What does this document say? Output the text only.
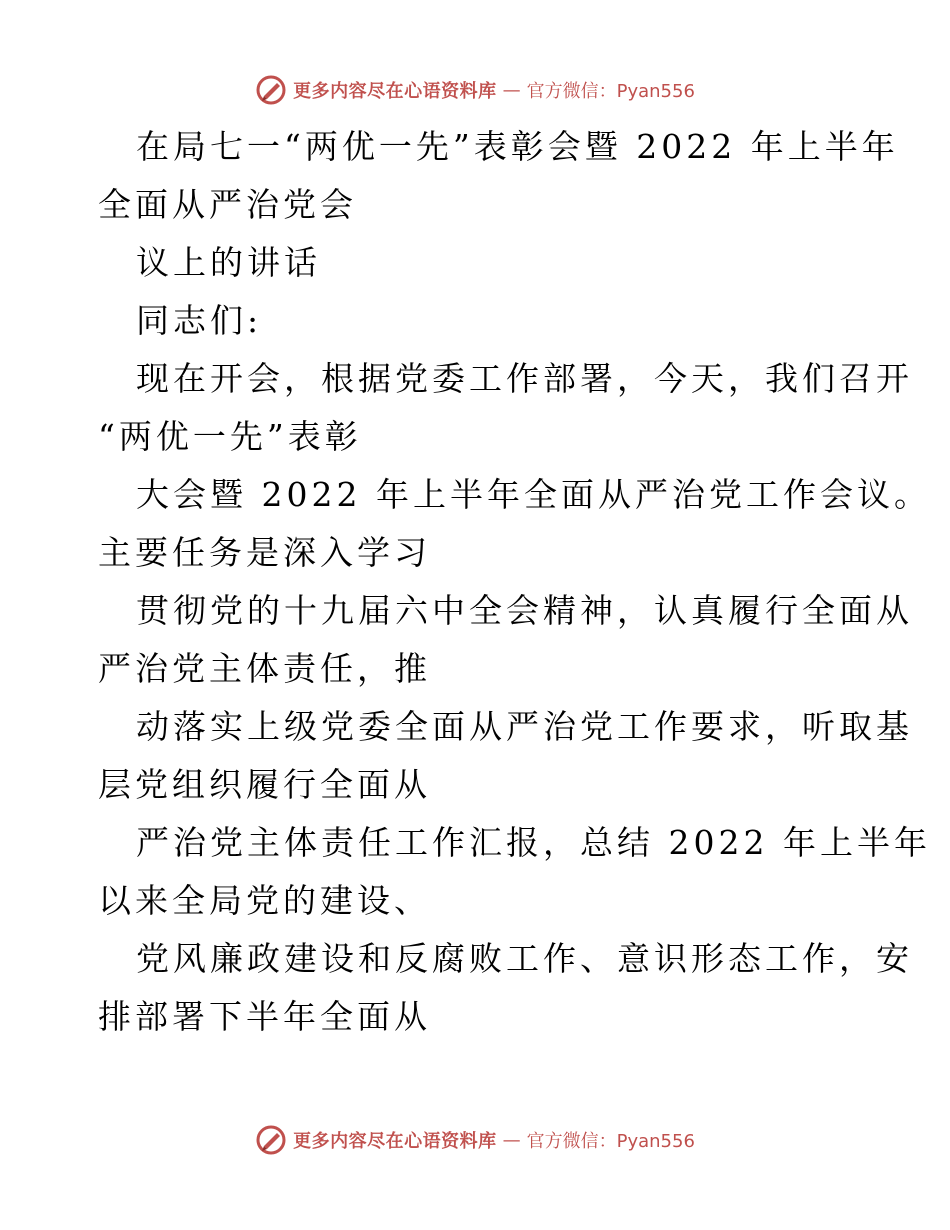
更多内容尽在心语资料库 — 官方微信：Pyan556
在局七一“两优一先”表彰会暨 2022 年上半年
全面从严治党会
议上的讲话
同志们:
现在开会，根据党委工作部署，今天，我们召开
“两优一先”表彰
大会暨 2022 年上半年全面从严治党工作会议。
主要任务是深入学习
贯彻党的十九届六中全会精神，认真履行全面从
严治党主体责任，推
动落实上级党委全面从严治党工作要求，听取基
层党组织履行全面从
严治党主体责任工作汇报，总结 2022 年上半年
以来全局党的建设、
党风廉政建设和反腐败工作、意识形态工作，安
排部署下半年全面从
更多内容尽在心语资料库 — 官方微信：Pyan556
